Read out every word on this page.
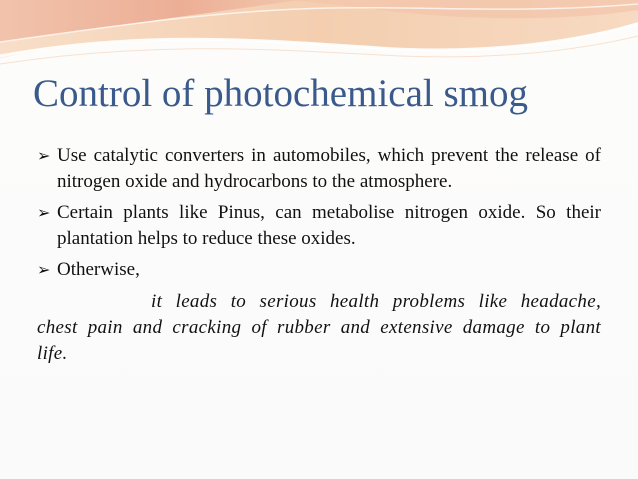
Control of photochemical smog

➢ Use catalytic converters in automobiles, which prevent the release of nitrogen oxide and hydrocarbons to the atmosphere.

➢ Certain plants like Pinus, can metabolise nitrogen oxide. So their plantation helps to reduce these oxides.

➢ Otherwise,

it leads to serious health problems like headache, chest pain and cracking of rubber and extensive damage to plant life.
